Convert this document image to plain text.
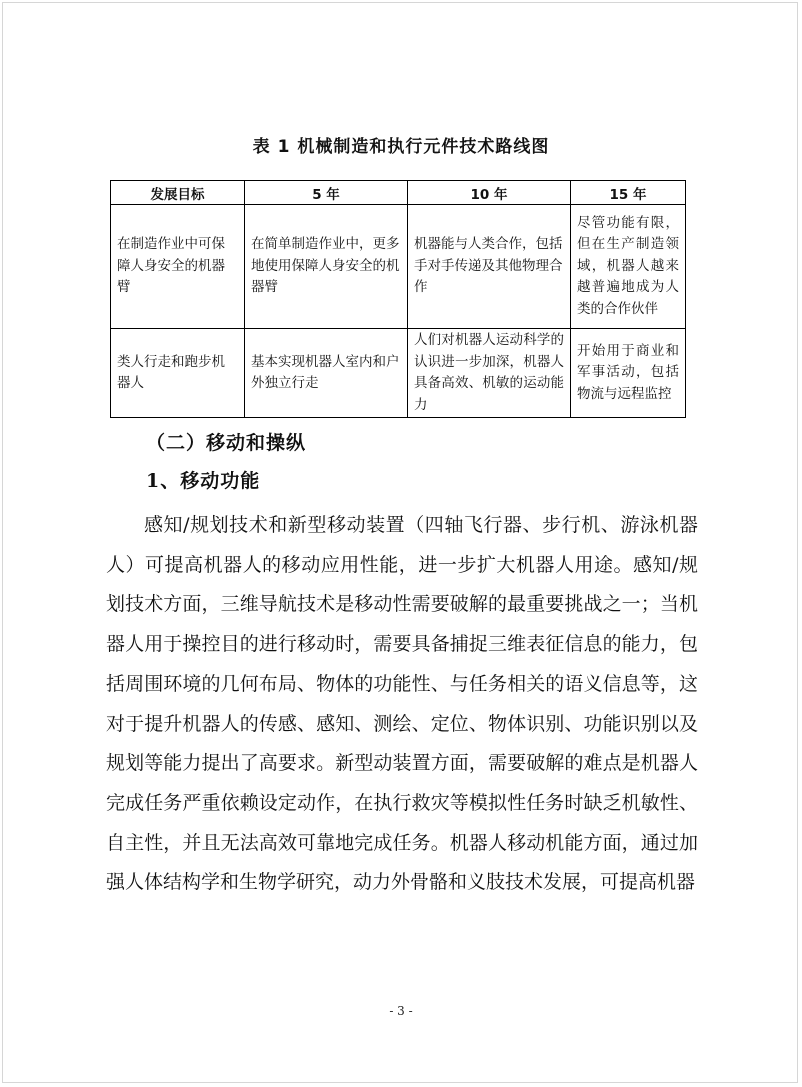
表 1 机械制造和执行元件技术路线图
发展目标	5 年	10 年	15 年
在制造作业中可保障人身安全的机器臂	在简单制造作业中，更多地使用保障人身安全的机器臂	机器能与人类合作，包括手对手传递及其他物理合作	尽管功能有限，但在生产制造领域，机器人越来越普遍地成为人类的合作伙伴
类人行走和跑步机器人	基本实现机器人室内和户外独立行走	人们对机器人运动科学的认识进一步加深，机器人具备高效、机敏的运动能力	开始用于商业和军事活动，包括物流与远程监控
（二）移动和操纵
1、移动功能

感知/规划技术和新型移动装置（四轴飞行器、步行机、游泳机器人）可提高机器人的移动应用性能，进一步扩大机器人用途。感知/规划技术方面，三维导航技术是移动性需要破解的最重要挑战之一；当机器人用于操控目的进行移动时，需要具备捕捉三维表征信息的能力，包括周围环境的几何布局、物体的功能性、与任务相关的语义信息等，这对于提升机器人的传感、感知、测绘、定位、物体识别、功能识别以及规划等能力提出了高要求。新型动装置方面，需要破解的难点是机器人完成任务严重依赖设定动作，在执行救灾等模拟性任务时缺乏机敏性、自主性，并且无法高效可靠地完成任务。机器人移动机能方面，通过加强人体结构学和生物学研究，动力外骨骼和义肢技术发展，可提高机器

- 3 -
